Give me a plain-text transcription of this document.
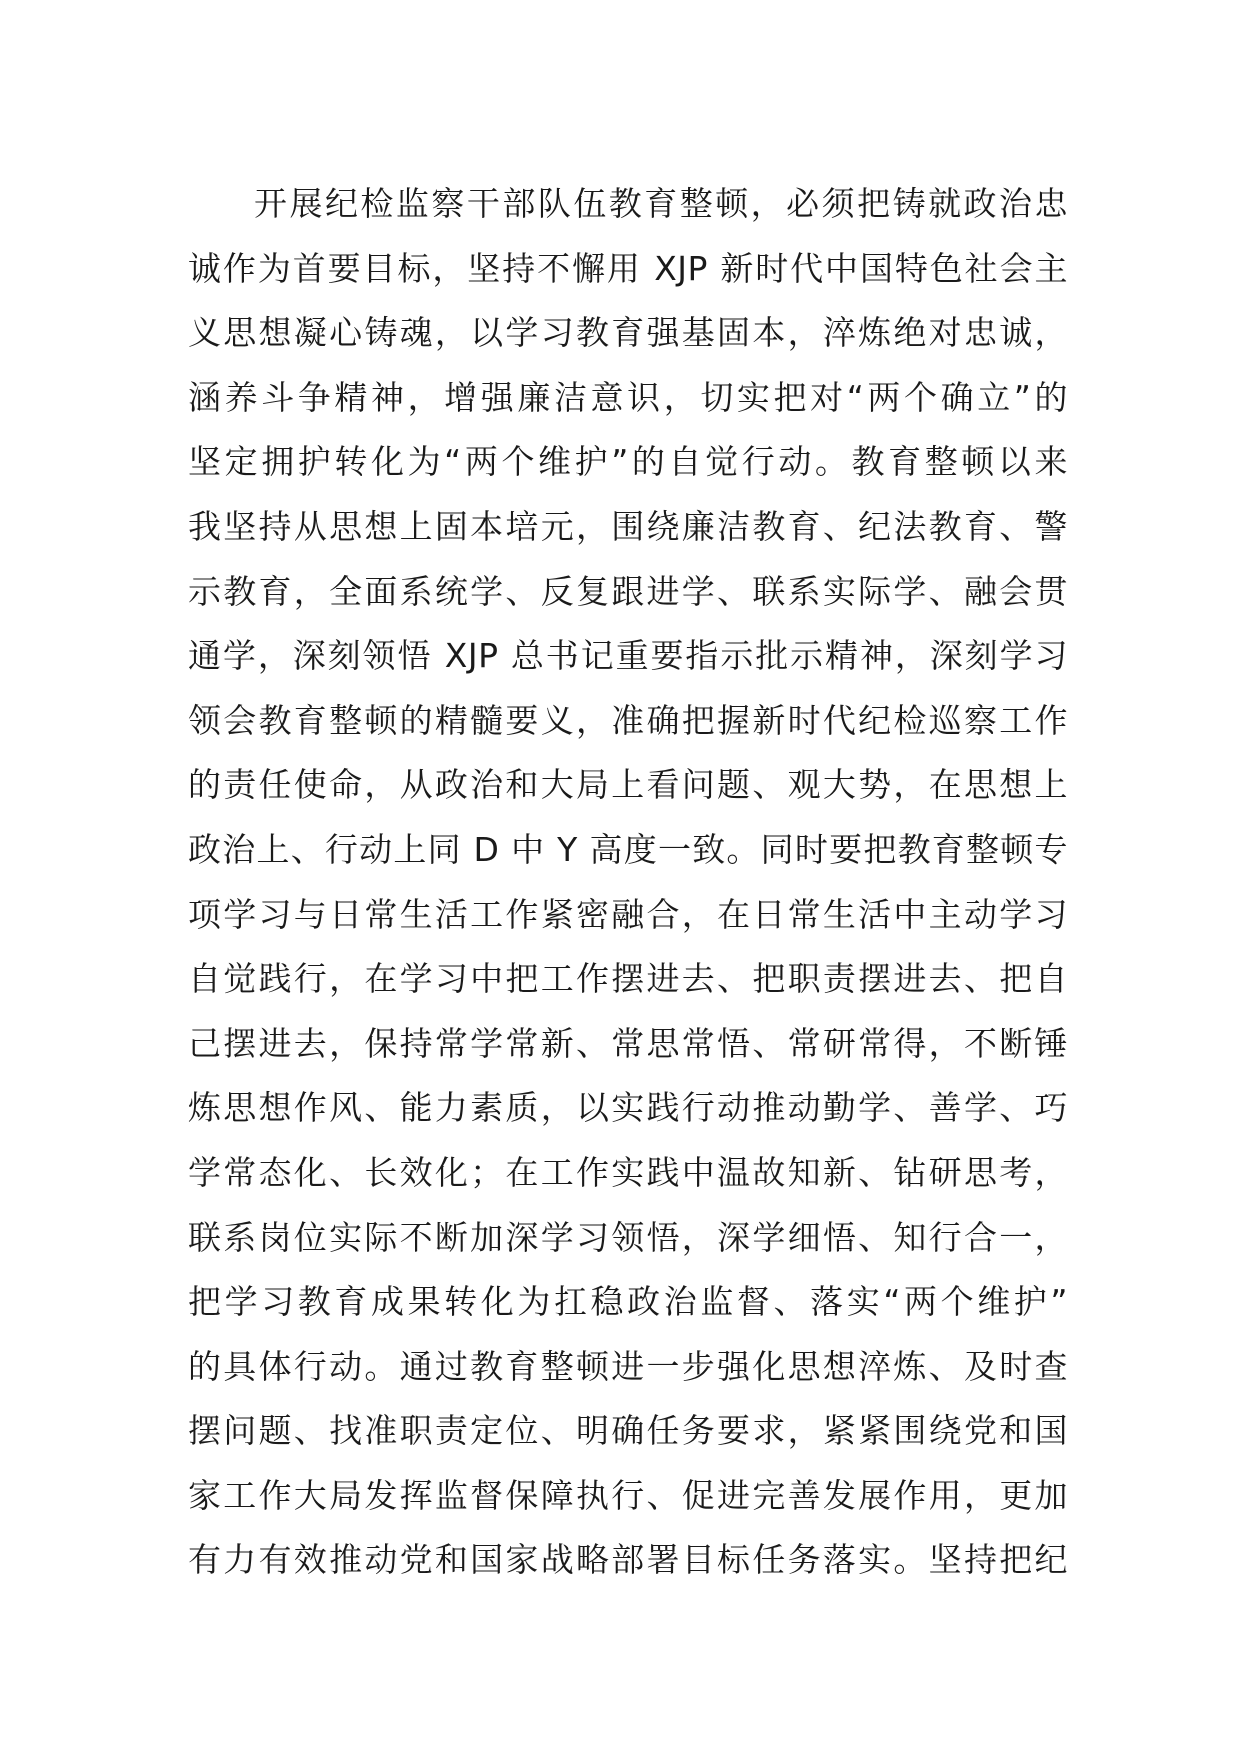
开展纪检监察干部队伍教育整顿，必须把铸就政治忠
诚作为首要目标，坚持不懈用 XJP 新时代中国特色社会主
义思想凝心铸魂，以学习教育强基固本，淬炼绝对忠诚，
涵养斗争精神，增强廉洁意识，切实把对“两个确立”的
坚定拥护转化为“两个维护”的自觉行动。教育整顿以来
我坚持从思想上固本培元，围绕廉洁教育、纪法教育、警
示教育，全面系统学、反复跟进学、联系实际学、融会贯
通学，深刻领悟 XJP 总书记重要指示批示精神，深刻学习
领会教育整顿的精髓要义，准确把握新时代纪检巡察工作
的责任使命，从政治和大局上看问题、观大势，在思想上
政治上、行动上同 D 中 Y 高度一致。同时要把教育整顿专
项学习与日常生活工作紧密融合，在日常生活中主动学习
自觉践行，在学习中把工作摆进去、把职责摆进去、把自
己摆进去，保持常学常新、常思常悟、常研常得，不断锤
炼思想作风、能力素质，以实践行动推动勤学、善学、巧
学常态化、长效化；在工作实践中温故知新、钻研思考，
联系岗位实际不断加深学习领悟，深学细悟、知行合一，
把学习教育成果转化为扛稳政治监督、落实“两个维护”
的具体行动。通过教育整顿进一步强化思想淬炼、及时查
摆问题、找准职责定位、明确任务要求，紧紧围绕党和国
家工作大局发挥监督保障执行、促进完善发展作用，更加
有力有效推动党和国家战略部署目标任务落实。坚持把纪
